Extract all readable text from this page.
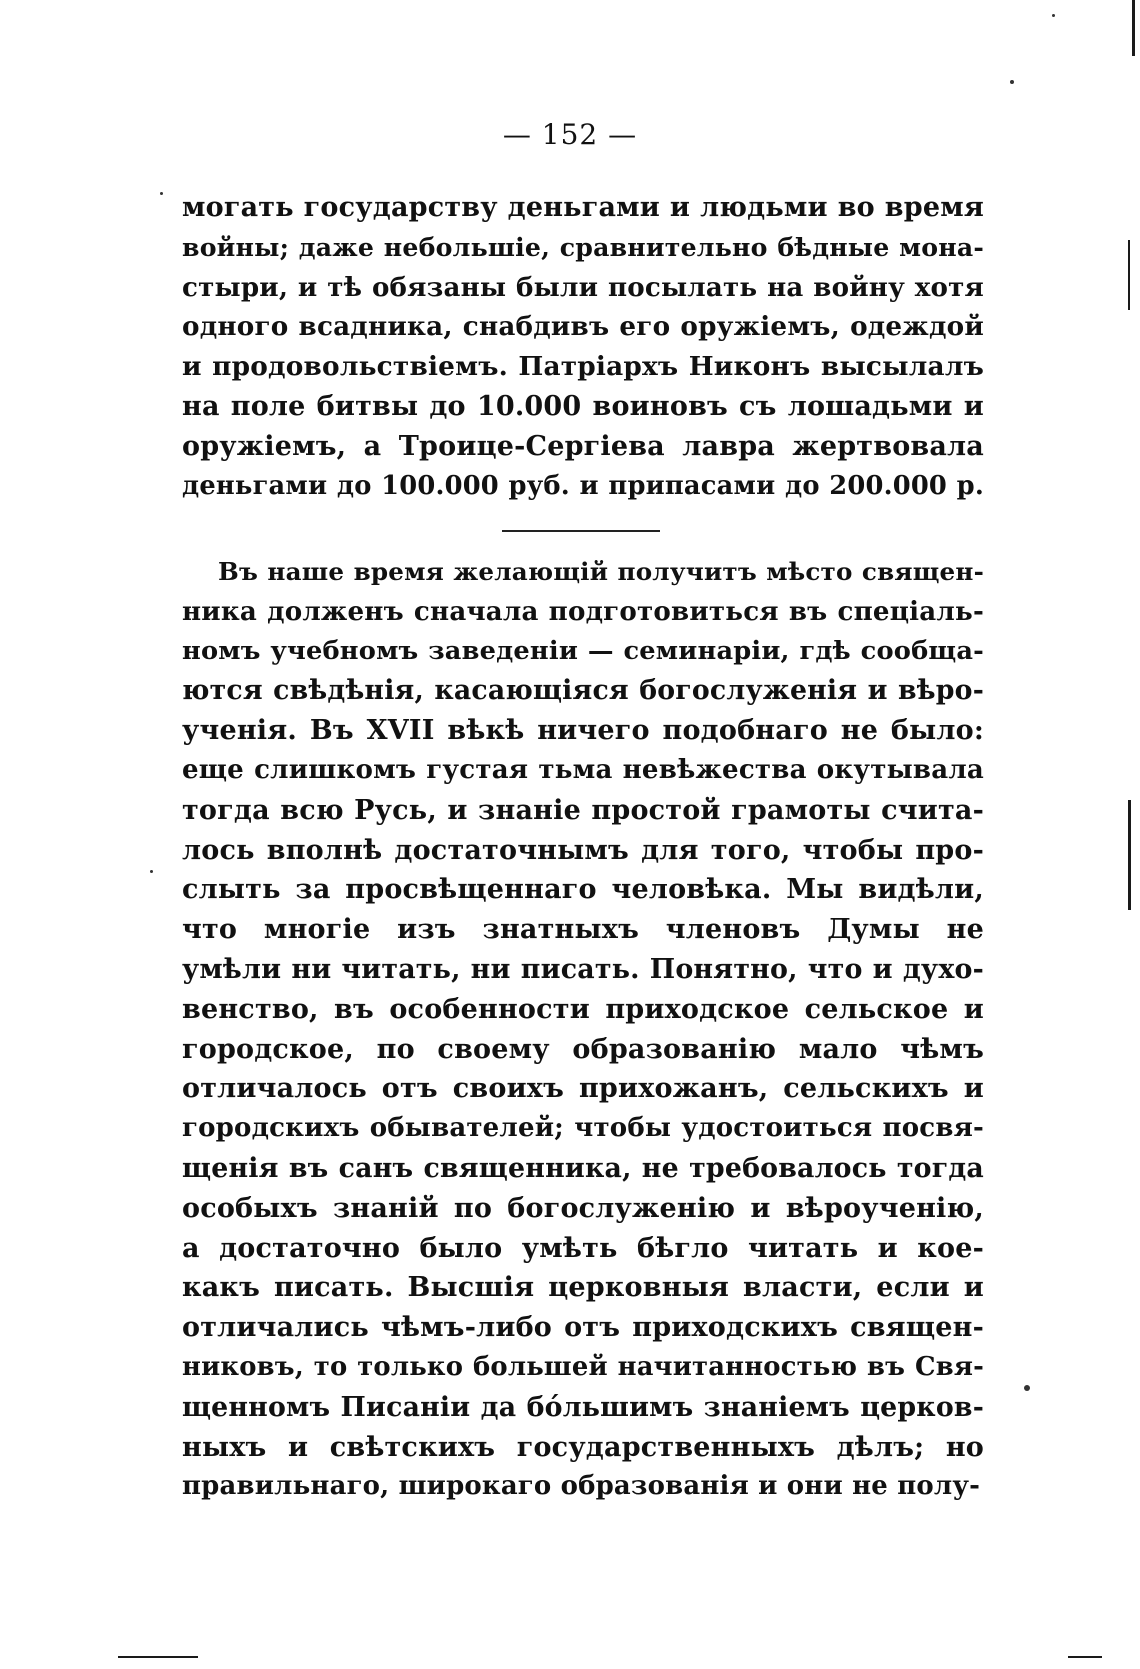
— 152 —
могать государству деньгами и людьми во время
войны; даже небольшіе, сравнительно бѣдные мона-
стыри, и тѣ обязаны были посылать на войну хотя
одного всадника, снабдивъ его оружіемъ, одеждой
и продовольствіемъ. Патріархъ Никонъ высылалъ
на поле битвы до 10.000 воиновъ съ лошадьми и
оружіемъ, а Троице-Сергіева лавра жертвовала
деньгами до 100.000 руб. и припасами до 200.000 р.
Въ наше время желающій получитъ мѣсто священ-
ника долженъ сначала подготовиться въ спеціаль-
номъ учебномъ заведеніи — семинаріи, гдѣ сообща-
ются свѣдѣнія, касающіяся богослуженія и вѣро-
ученія. Въ XVII вѣкѣ ничего подобнаго не было:
еще слишкомъ густая тьма невѣжества окутывала
тогда всю Русь, и знаніе простой грамоты счита-
лось вполнѣ достаточнымъ для того, чтобы про-
слыть за просвѣщеннаго человѣка. Мы видѣли,
что многіе изъ знатныхъ членовъ Думы не
умѣли ни читать, ни писать. Понятно, что и духо-
венство, въ особенности приходское сельское и
городское, по своему образованію мало чѣмъ
отличалось отъ своихъ прихожанъ, сельскихъ и
городскихъ обывателей; чтобы удостоиться посвя-
щенія въ санъ священника, не требовалось тогда
особыхъ знаній по богослуженію и вѣроученію,
а достаточно было умѣть бѣгло читать и кое-
какъ писать. Высшія церковныя власти, если и
отличались чѣмъ-либо отъ приходскихъ священ-
никовъ, то только большей начитанностью въ Свя-
щенномъ Писаніи да бо́льшимъ знаніемъ церков-
ныхъ и свѣтскихъ государственныхъ дѣлъ; но
правильнаго, широкаго образованія и они не полу-
